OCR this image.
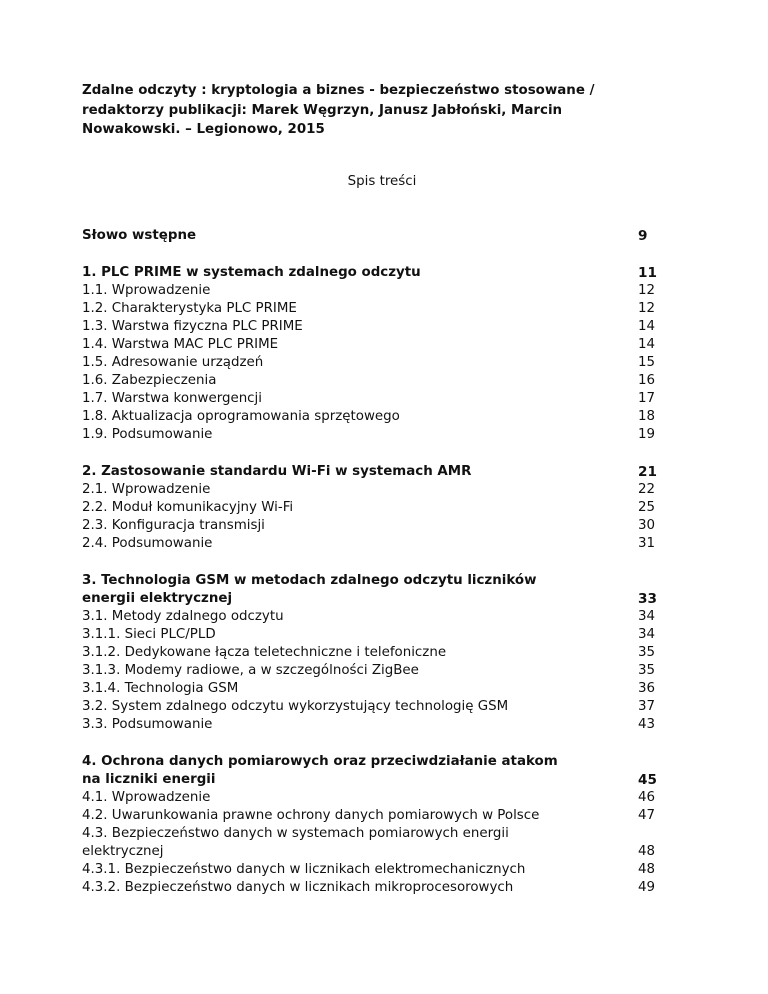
Zdalne odczyty : kryptologia a biznes - bezpieczeństwo stosowane /
redaktorzy publikacji: Marek Węgrzyn, Janusz Jabłoński, Marcin
Nowakowski. – Legionowo, 2015
Spis treści
Słowo wstępne	9
1. PLC PRIME w systemach zdalnego odczytu	11
1.1. Wprowadzenie	12
1.2. Charakterystyka PLC PRIME	12
1.3. Warstwa fizyczna PLC PRIME	14
1.4. Warstwa MAC PLC PRIME	14
1.5. Adresowanie urządzeń	15
1.6. Zabezpieczenia	16
1.7. Warstwa konwergencji	17
1.8. Aktualizacja oprogramowania sprzętowego	18
1.9. Podsumowanie	19
2. Zastosowanie standardu Wi-Fi w systemach AMR	21
2.1. Wprowadzenie	22
2.2. Moduł komunikacyjny Wi-Fi	25
2.3. Konfiguracja transmisji	30
2.4. Podsumowanie	31
3. Technologia GSM w metodach zdalnego odczytu liczników
energii elektrycznej	33
3.1. Metody zdalnego odczytu	34
3.1.1. Sieci PLC/PLD	34
3.1.2. Dedykowane łącza teletechniczne i telefoniczne	35
3.1.3. Modemy radiowe, a w szczególności ZigBee	35
3.1.4. Technologia GSM	36
3.2. System zdalnego odczytu wykorzystujący technologię GSM	37
3.3. Podsumowanie	43
4. Ochrona danych pomiarowych oraz przeciwdziałanie atakom
na liczniki energii	45
4.1. Wprowadzenie	46
4.2. Uwarunkowania prawne ochrony danych pomiarowych w Polsce	47
4.3. Bezpieczeństwo danych w systemach pomiarowych energii
elektrycznej	48
4.3.1. Bezpieczeństwo danych w licznikach elektromechanicznych	48
4.3.2. Bezpieczeństwo danych w licznikach mikroprocesorowych	49
